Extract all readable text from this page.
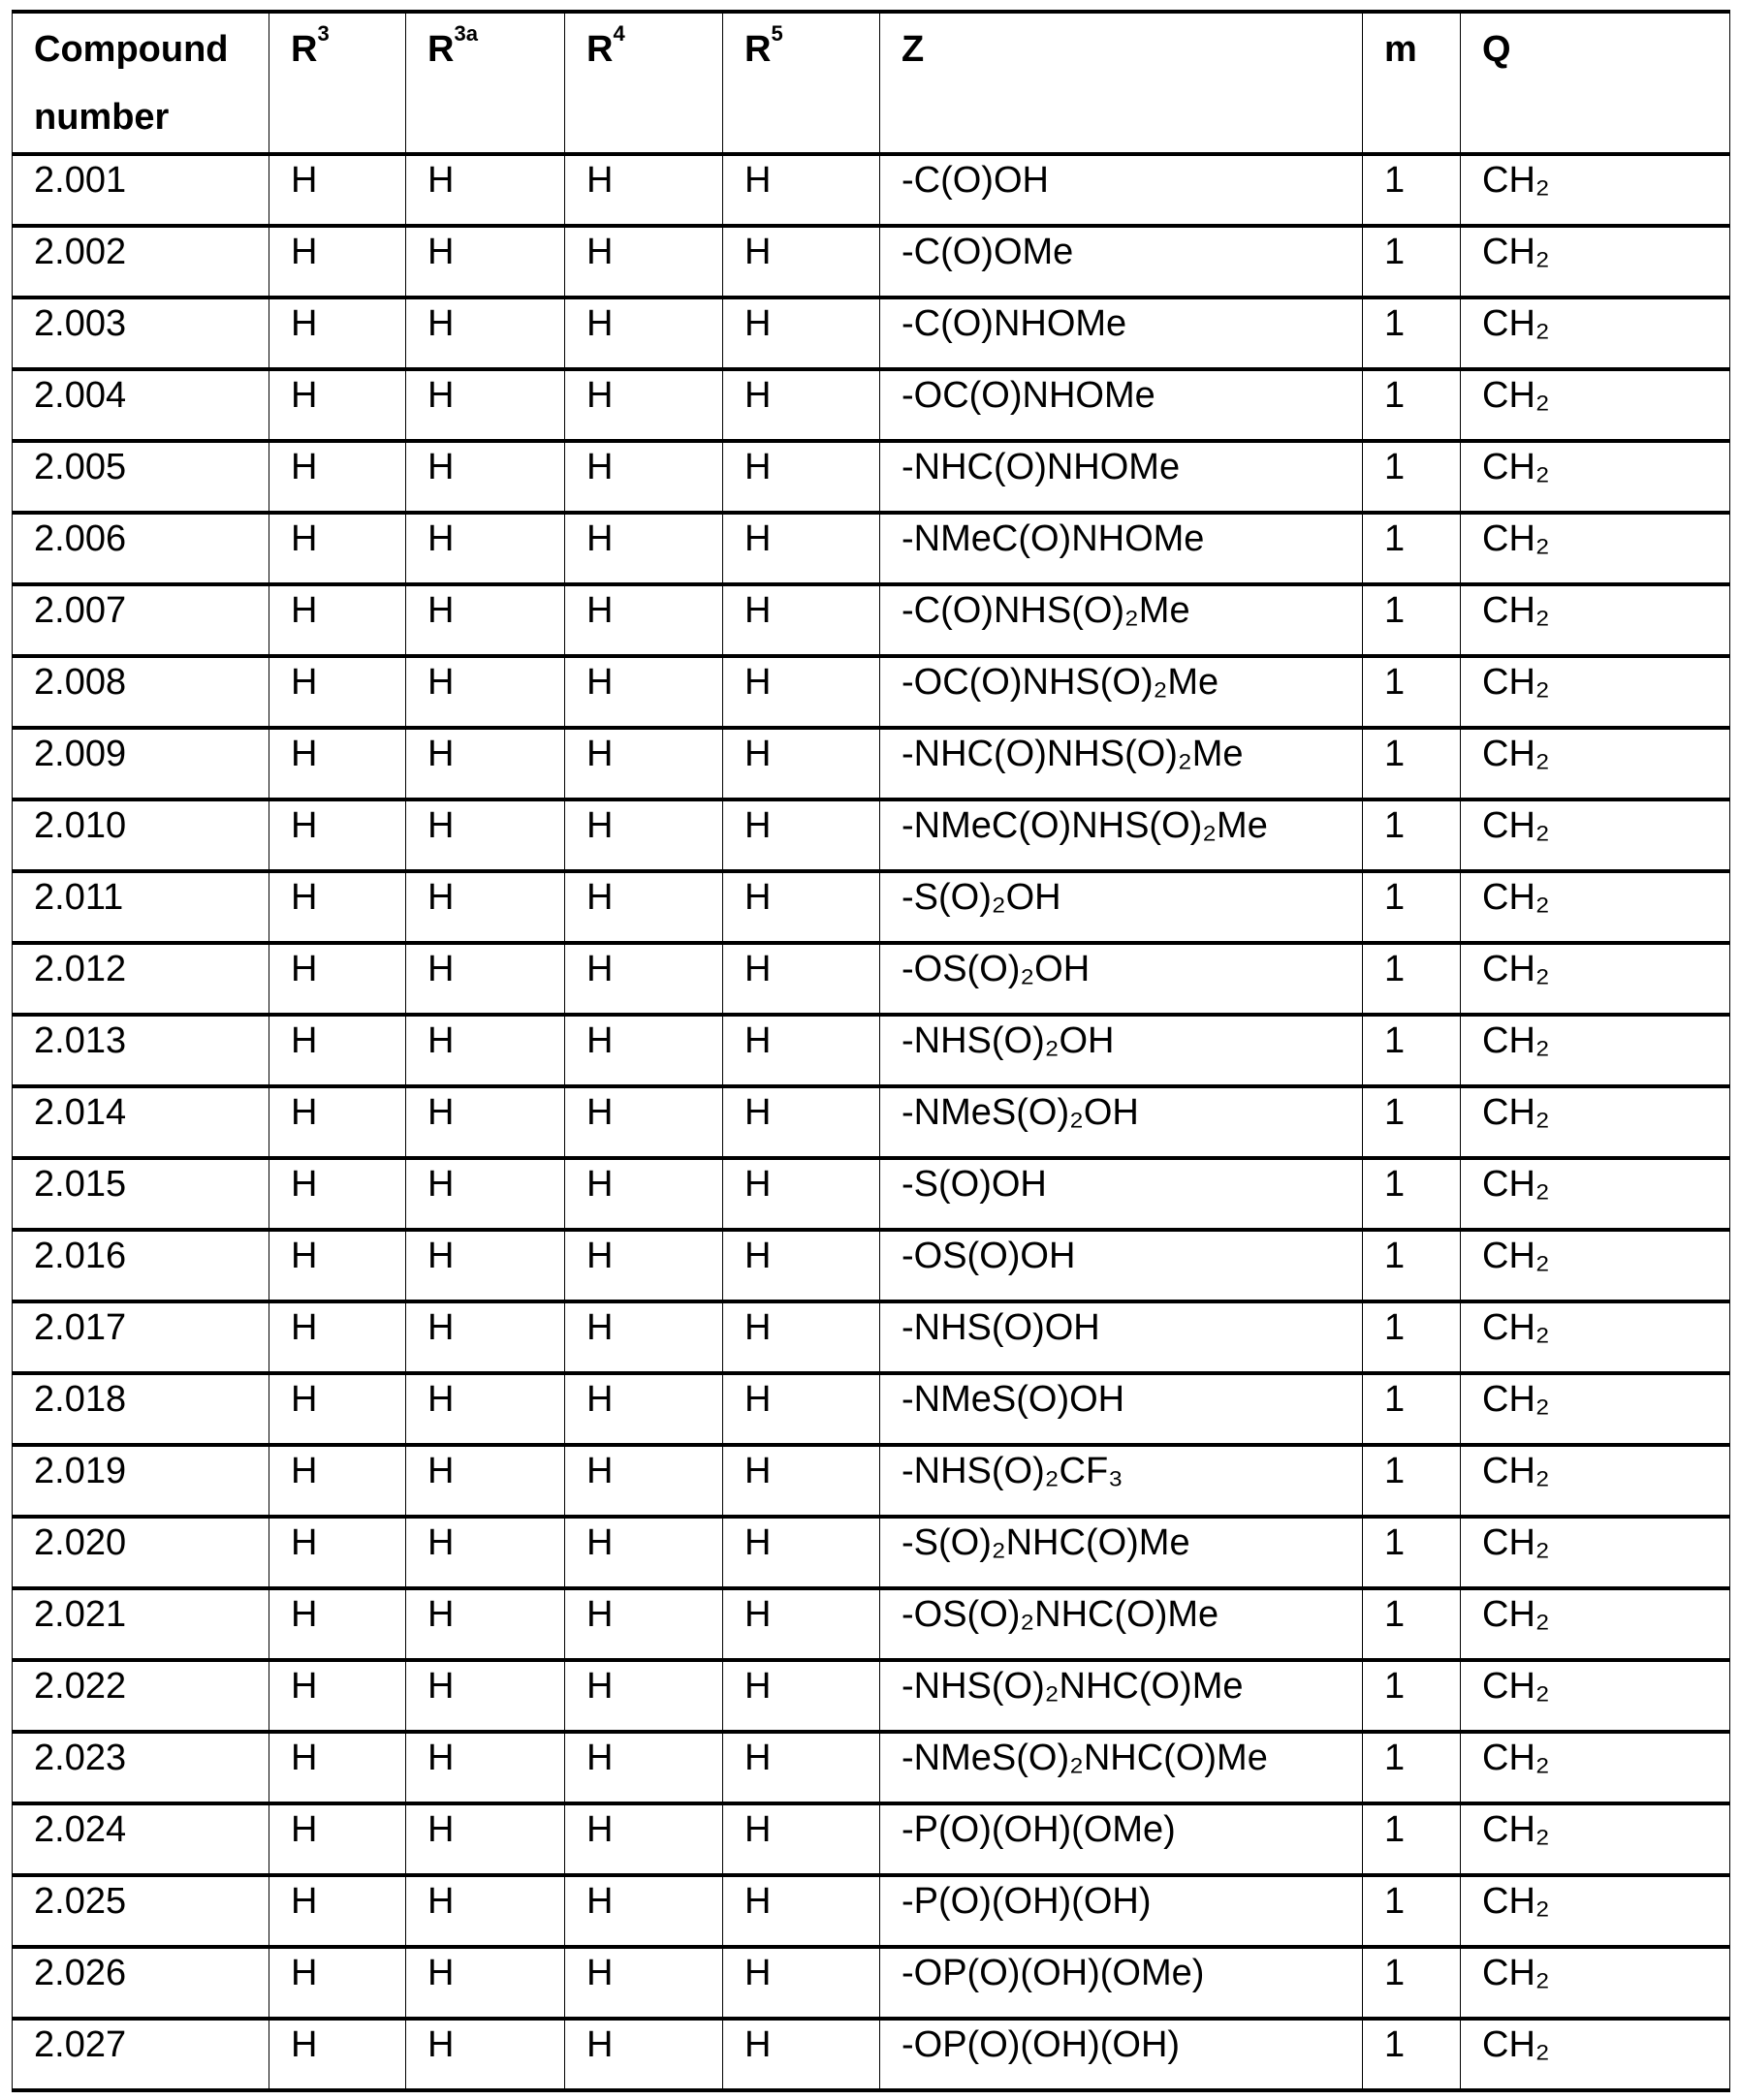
Compound number	R3	R3a	R4	R5	Z	m	Q
2.001	H	H	H	H	-C(O)OH	1	CH₂
2.002	H	H	H	H	-C(O)OMe	1	CH₂
2.003	H	H	H	H	-C(O)NHOMe	1	CH₂
2.004	H	H	H	H	-OC(O)NHOMe	1	CH₂
2.005	H	H	H	H	-NHC(O)NHOMe	1	CH₂
2.006	H	H	H	H	-NMeC(O)NHOMe	1	CH₂
2.007	H	H	H	H	-C(O)NHS(O)₂Me	1	CH₂
2.008	H	H	H	H	-OC(O)NHS(O)₂Me	1	CH₂
2.009	H	H	H	H	-NHC(O)NHS(O)₂Me	1	CH₂
2.010	H	H	H	H	-NMeC(O)NHS(O)₂Me	1	CH₂
2.011	H	H	H	H	-S(O)₂OH	1	CH₂
2.012	H	H	H	H	-OS(O)₂OH	1	CH₂
2.013	H	H	H	H	-NHS(O)₂OH	1	CH₂
2.014	H	H	H	H	-NMeS(O)₂OH	1	CH₂
2.015	H	H	H	H	-S(O)OH	1	CH₂
2.016	H	H	H	H	-OS(O)OH	1	CH₂
2.017	H	H	H	H	-NHS(O)OH	1	CH₂
2.018	H	H	H	H	-NMeS(O)OH	1	CH₂
2.019	H	H	H	H	-NHS(O)₂CF₃	1	CH₂
2.020	H	H	H	H	-S(O)₂NHC(O)Me	1	CH₂
2.021	H	H	H	H	-OS(O)₂NHC(O)Me	1	CH₂
2.022	H	H	H	H	-NHS(O)₂NHC(O)Me	1	CH₂
2.023	H	H	H	H	-NMeS(O)₂NHC(O)Me	1	CH₂
2.024	H	H	H	H	-P(O)(OH)(OMe)	1	CH₂
2.025	H	H	H	H	-P(O)(OH)(OH)	1	CH₂
2.026	H	H	H	H	-OP(O)(OH)(OMe)	1	CH₂
2.027	H	H	H	H	-OP(O)(OH)(OH)	1	CH₂
